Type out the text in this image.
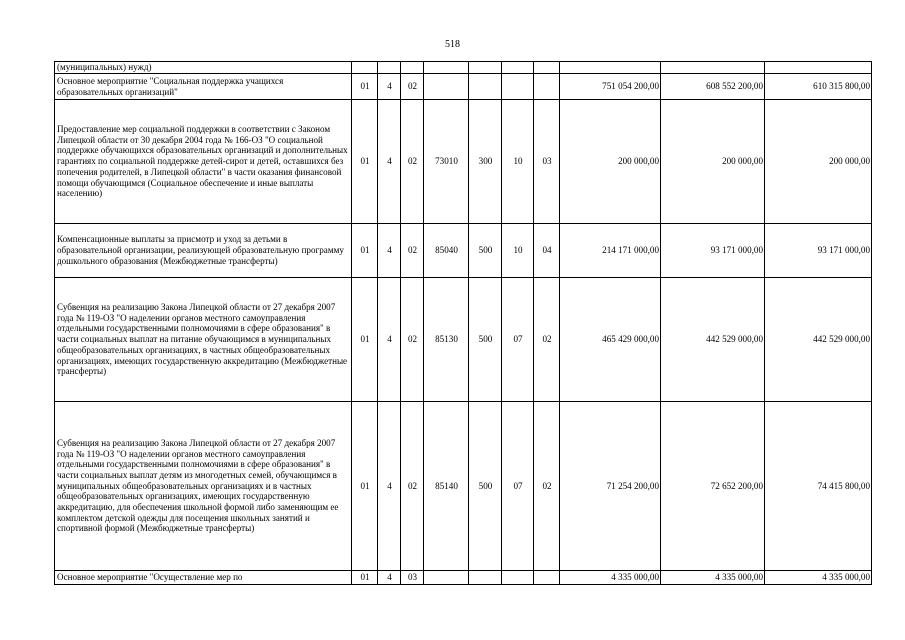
518
(муниципальных) нужд)										
Основное мероприятие "Социальная поддержка учащихся образовательных организаций"	01	4	02					751 054 200,00	608 552 200,00	610 315 800,00
Предоставление мер социальной поддержки в соответствии с Законом Липецкой области от 30 декабря 2004 года № 166-ОЗ "О социальной поддержке обучающихся образовательных организаций и дополнительных гарантиях по социальной поддержке детей-сирот и детей, оставшихся без попечения родителей, в Липецкой области" в части оказания финансовой помощи обучающимся (Социальное обеспечение и иные выплаты населению)	01	4	02	73010	300	10	03	200 000,00	200 000,00	200 000,00
Компенсационные выплаты за присмотр и уход за детьми в образовательной организации, реализующей образовательную программу дошкольного образования (Межбюджетные трансферты)	01	4	02	85040	500	10	04	214 171 000,00	93 171 000,00	93 171 000,00
Субвенция на реализацию Закона Липецкой области от 27 декабря 2007 года № 119-ОЗ "О наделении органов местного самоуправления отдельными государственными полномочиями в сфере образования" в части социальных выплат на питание обучающимся в муниципальных общеобразовательных организациях, в частных общеобразовательных организациях, имеющих государственную аккредитацию (Межбюджетные трансферты)	01	4	02	85130	500	07	02	465 429 000,00	442 529 000,00	442 529 000,00
Субвенция на реализацию Закона Липецкой области от 27 декабря 2007 года № 119-ОЗ "О наделении органов местного самоуправления отдельными государственными полномочиями в сфере образования" в части социальных выплат детям из многодетных семей, обучающимся в муниципальных общеобразовательных организациях и в частных общеобразовательных организациях, имеющих государственную аккредитацию, для обеспечения школьной формой либо заменяющим ее комплектом детской одежды для посещения школьных занятий и спортивной формой (Межбюджетные трансферты)	01	4	02	85140	500	07	02	71 254 200,00	72 652 200,00	74 415 800,00
Основное мероприятие "Осуществление мер по	01	4	03					4 335 000,00	4 335 000,00	4 335 000,00
